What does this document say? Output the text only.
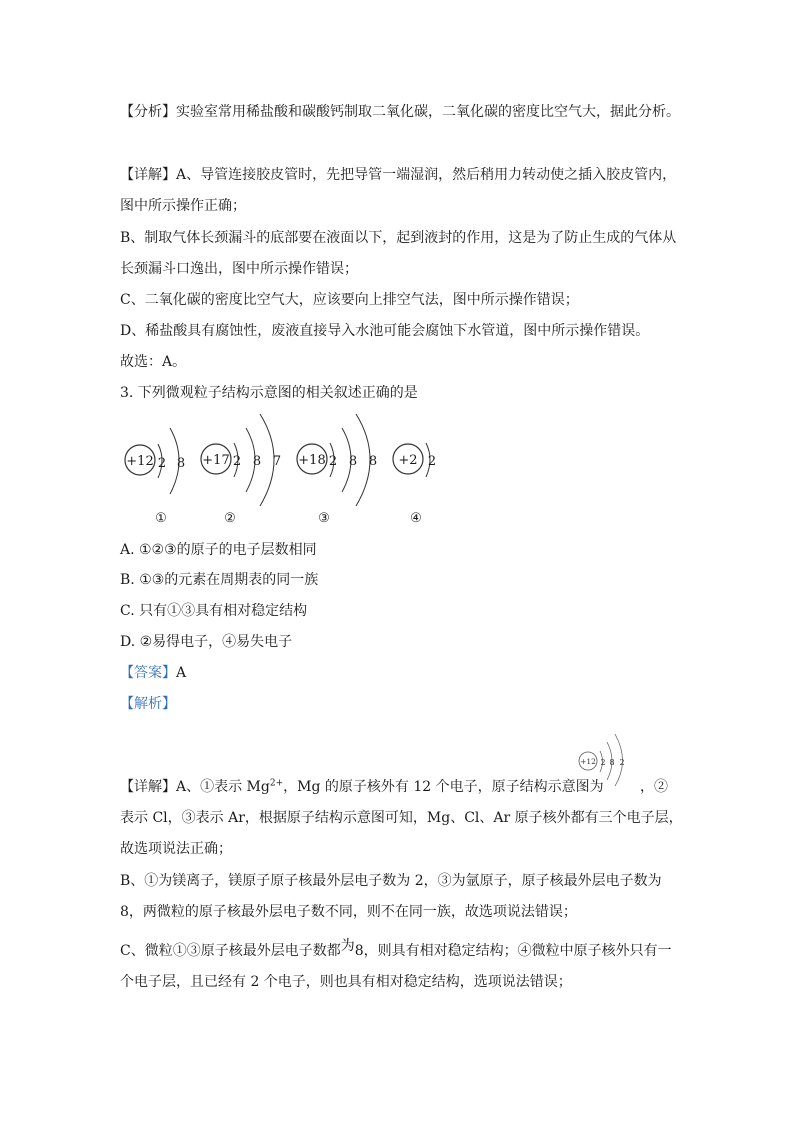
【分析】实验室常用稀盐酸和碳酸钙制取二氧化碳，二氧化碳的密度比空气大，据此分析。
【详解】A、导管连接胶皮管时，先把导管一端湿润，然后稍用力转动使之插入胶皮管内，
图中所示操作正确；
B、制取气体长颈漏斗的底部要在液面以下，起到液封的作用，这是为了防止生成的气体从
长颈漏斗口逸出，图中所示操作错误；
C、二氧化碳的密度比空气大，应该要向上排空气法，图中所示操作错误；
D、稀盐酸具有腐蚀性，废液直接导入水池可能会腐蚀下水管道，图中所示操作错误。
故选：A。
3. 下列微观粒子结构示意图的相关叙述正确的是
+12 2 8
①
+17 2 8 7
②
+18 2 8 8
③
+2 2
④
A. ①②③的原子的电子层数相同
B. ①③的元素在周期表的同一族
C. 只有①③具有相对稳定结构
D. ②易得电子，④易失电子
【答案】A
【解析】
+12 2 8 2
【详解】A、①表示 $Mg^{2+}$，Mg 的原子核外有 12 个电子，原子结构示意图为	，②
表示 Cl，③表示 Ar，根据原子结构示意图可知，Mg、Cl、Ar 原子核外都有三个电子层，
故选项说法正确；
B、①为镁离子，镁原子原子核最外层电子数为 2，③为氩原子，原子核最外层电子数为
8，两微粒的原子核最外层电子数不同，则不在同一族，故选项说法错误；
C、微粒①③原子核最外层电子数都为8，则具有相对稳定结构；④微粒中原子核外只有一
个电子层，且已经有 2 个电子，则也具有相对稳定结构，选项说法错误；
